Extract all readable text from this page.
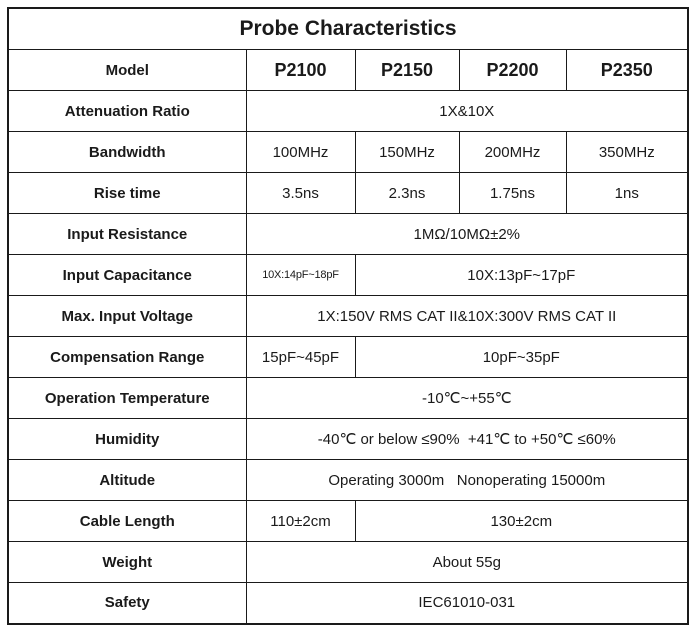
Probe Characteristics				
Model	P2100	P2150	P2200	P2350
Attenuation Ratio	1X&10X			
Bandwidth	100MHz	150MHz	200MHz	350MHz
Rise time	3.5ns	2.3ns	1.75ns	1ns
Input Resistance	1MΩ/10MΩ±2%			
Input Capacitance	10X:14pF~18pF	10X:13pF~17pF		
Max. Input Voltage	1X:150V RMS CAT II&10X:300V RMS CAT II			
Compensation Range	15pF~45pF	10pF~35pF		
Operation Temperature	-10℃~+55℃			
Humidity	-40℃ or below ≤90%  +41℃ to +50℃ ≤60%			
Altitude	Operating 3000m   Nonoperating 15000m			
Cable Length	110±2cm	130±2cm		
Weight	About 55g			
Safety	IEC61010-031			
